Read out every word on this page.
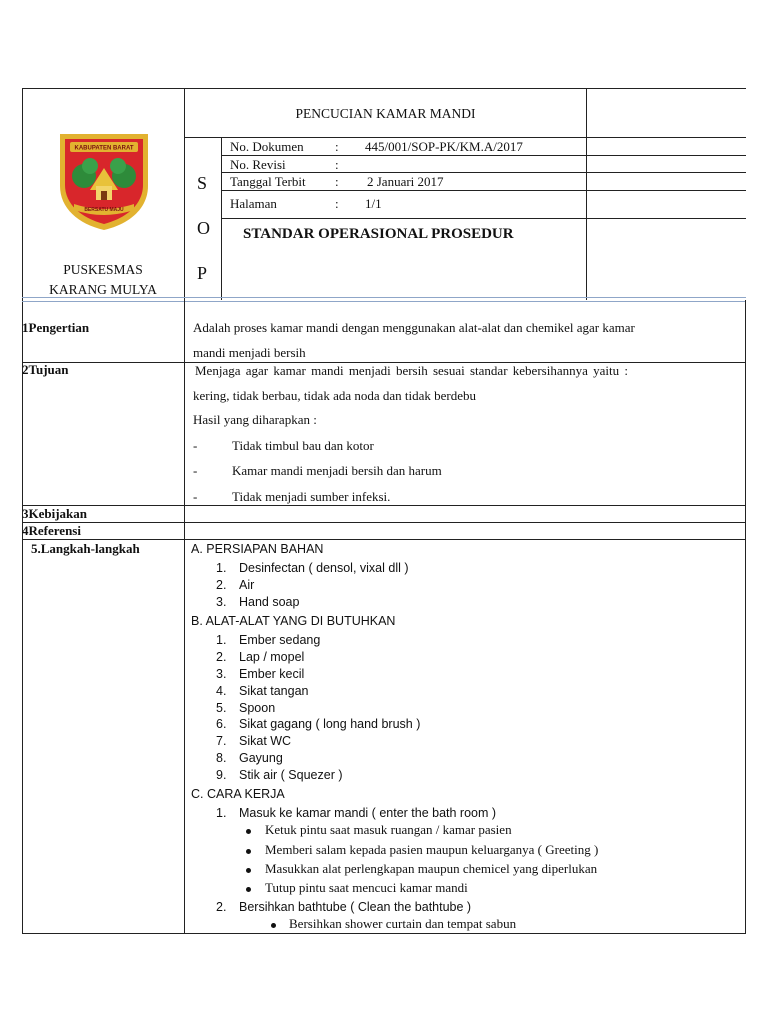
KABUPATEN BARAT
BERSATU MAJU
PUSKESMAS
KARANG MULYA
PENCUCIAN KAMAR MANDI
S
O
P
No. Dokumen : 445/001/SOP-PK/KM.A/2017
No. Revisi	:
Tanggal Terbit : 2 Januari 2017
Halaman	: 1/1
STANDAR OPERASIONAL PROSEDUR
1Pengertian	Adalah proses kamar mandi dengan menggunakan alat-alat dan chemikel agar kamar
mandi menjadi bersih
2Tujuan	Menjaga agar kamar mandi menjadi bersih sesuai standar kebersihannya yaitu :
kering, tidak berbau, tidak ada noda dan tidak berdebu
Hasil yang diharapkan :
-	Tidak timbul bau dan kotor
-	Kamar mandi menjadi bersih dan harum
-	Tidak menjadi sumber infeksi.
3Kebijakan
4Referensi
5.Langkah-langkah	A. PERSIAPAN BAHAN
1. Desinfectan ( densol, vixal dll )
2. Air
3. Hand soap
B. ALAT-ALAT YANG DI BUTUHKAN
1. Ember sedang
2. Lap / mopel
3. Ember kecil
4. Sikat tangan
5. Spoon
6. Sikat gagang ( long hand brush )
7. Sikat WC
8. Gayung
9. Stik air ( Squezer )
C. CARA KERJA
1. Masuk ke kamar mandi ( enter the bath room )
Ketuk pintu saat masuk ruangan / kamar pasien
Memberi salam kepada pasien maupun keluarganya ( Greeting )
Masukkan alat perlengkapan maupun chemicel yang diperlukan
Tutup pintu saat mencuci kamar mandi
2. Bersihkan bathtube ( Clean the bathtube )
Bersihkan shower curtain dan tempat sabun
